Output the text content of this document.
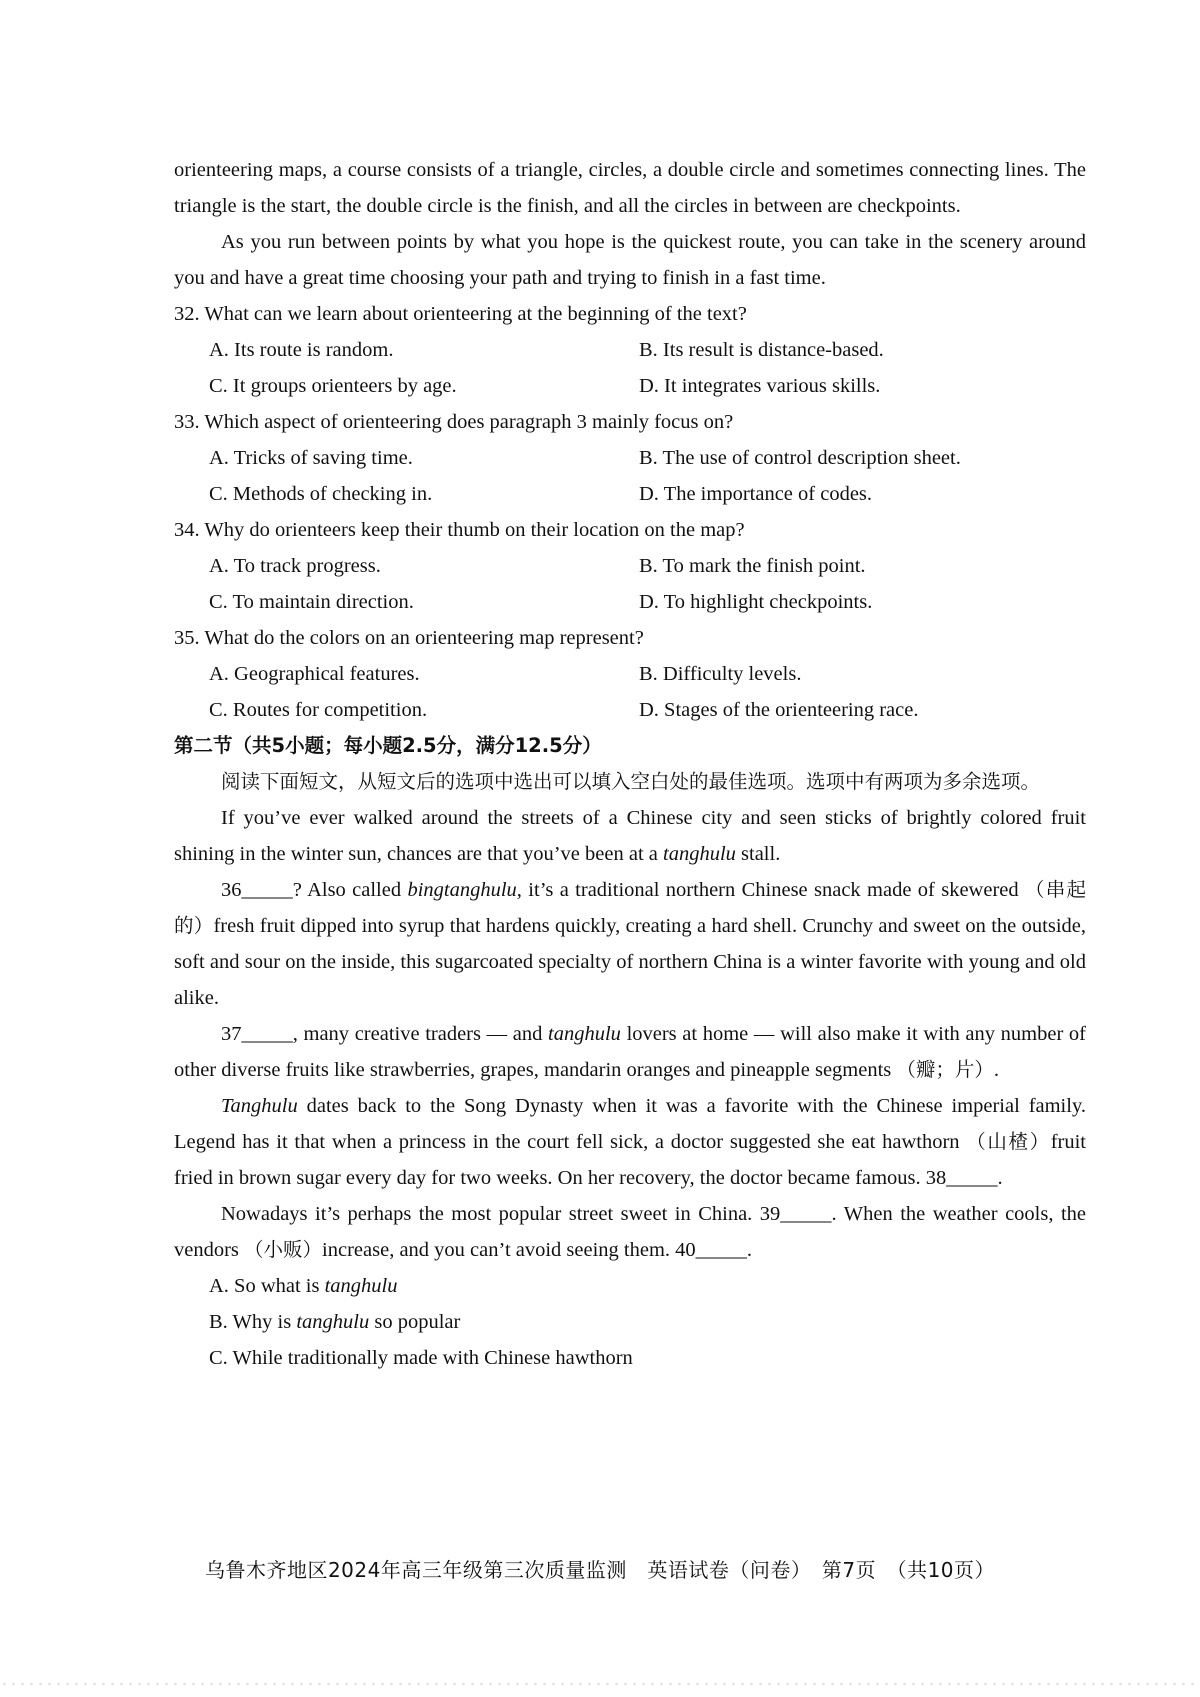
orienteering maps, a course consists of a triangle, circles, a double circle and sometimes connecting lines. The triangle is the start, the double circle is the finish, and all the circles in between are checkpoints.

As you run between points by what you hope is the quickest route, you can take in the scenery around you and have a great time choosing your path and trying to finish in a fast time.

32. What can we learn about orienteering at the beginning of the text?

A. Its route is random.	B. Its result is distance-based.
C. It groups orienteers by age.	D. It integrates various skills.

33. Which aspect of orienteering does paragraph 3 mainly focus on?

A. Tricks of saving time.	B. The use of control description sheet.
C. Methods of checking in.	D. The importance of codes.

34. Why do orienteers keep their thumb on their location on the map?

A. To track progress.	B. To mark the finish point.
C. To maintain direction.	D. To highlight checkpoints.

35. What do the colors on an orienteering map represent?

A. Geographical features.	B. Difficulty levels.
C. Routes for competition.	D. Stages of the orienteering race.

第二节（共5小题；每小题2.5分，满分12.5分）

阅读下面短文，从短文后的选项中选出可以填入空白处的最佳选项。选项中有两项为多余选项。

If you’ve ever walked around the streets of a Chinese city and seen sticks of brightly colored fruit shining in the winter sun, chances are that you’ve been at a tanghulu stall.

36_____? Also called bingtanghulu, it’s a traditional northern Chinese snack made of skewered （串起的）fresh fruit dipped into syrup that hardens quickly, creating a hard shell. Crunchy and sweet on the outside, soft and sour on the inside, this sugarcoated specialty of northern China is a winter favorite with young and old alike.

37_____, many creative traders — and tanghulu lovers at home — will also make it with any number of other diverse fruits like strawberries, grapes, mandarin oranges and pineapple segments （瓣；片）.

Tanghulu dates back to the Song Dynasty when it was a favorite with the Chinese imperial family. Legend has it that when a princess in the court fell sick, a doctor suggested she eat hawthorn （山楂）fruit fried in brown sugar every day for two weeks. On her recovery, the doctor became famous. 38_____.

Nowadays it’s perhaps the most popular street sweet in China. 39_____. When the weather cools, the vendors （小贩）increase, and you can’t avoid seeing them. 40_____.

A. So what is tanghulu

B. Why is tanghulu so popular

C. While traditionally made with Chinese hawthorn

乌鲁木齐地区2024年高三年级第三次质量监测　英语试卷（问卷）　第7页　（共10页）
